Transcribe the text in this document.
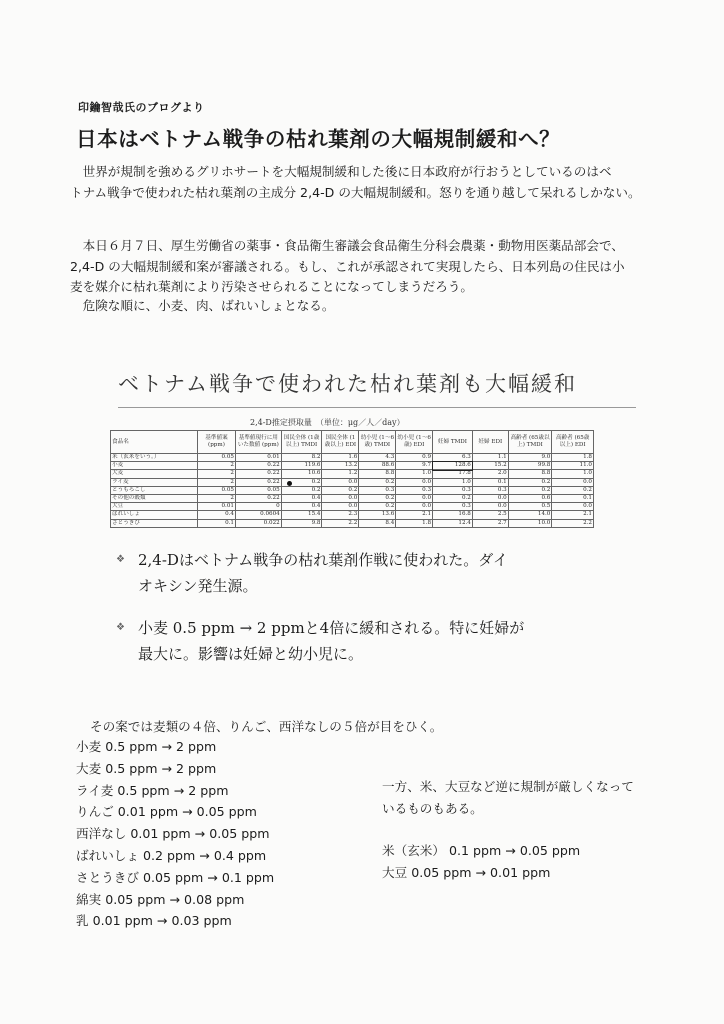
印鑰智哉氏のブログより
日本はベトナム戦争の枯れ葉剤の大幅規制緩和へ？

　世界が規制を強めるグリホサートを大幅規制緩和した後に日本政府が行おうとしているのはベ

トナム戦争で使われた枯れ葉剤の主成分 2,4-D の大幅規制緩和。怒りを通り越して呆れるしかない。

　本日６月７日、厚生労働省の薬事・食品衛生審議会食品衛生分科会農薬・動物用医薬品部会で、

2,4-D の大幅規制緩和案が審議される。もし、これが承認されて実現したら、日本列島の住民は小

麦を媒介に枯れ葉剤により汚染させられることになってしまうだろう。

　危険な順に、小麦、肉、ばれいしょとなる。

ベトナム戦争で使われた枯れ葉剤も大幅緩和
2,4-D推定摂取量　（単位：μg／人／day）
食品名	基準値案 (ppm)	基準値現行に用いた数値 (ppm)	国民全体 (1歳以上) TMDI	国民全体 (1歳以上) EDI	幼小児 (1～6歳) TMDI	幼小児 (1～6歳) EDI	妊婦 TMDI	妊婦 EDI	高齢者 (65歳以上) TMDI	高齢者 (65歳以上) EDI
米（玄米をいう。）	0.05	0.01	8.2	1.6	4.3	0.9	6.3	1.1	9.0	1.8
小麦	2	0.22	119.6	13.2	88.6	9.7	128.6	15.2	99.8	11.0
大麦	2	0.22	10.6	1.2	8.8	1.0	17.8	2.0	8.8	1.0
ライ麦	2	0.22	0.2	0.0	0.2	0.0	1.0	0.1	0.2	0.0
とうもろこし	0.05	0.05	0.2	0.2	0.3	0.3	0.3	0.3	0.2	0.2
その他の穀類	2	0.22	0.4	0.0	0.2	0.0	0.2	0.0	0.6	0.1
大豆	0.01	0	0.4	0.0	0.2	0.0	0.3	0.0	0.5	0.0
ばれいしょ	0.4	0.0604	15.4	2.3	13.6	2.1	16.8	2.5	14.0	2.1
さとうきび	0.1	0.022	9.8	2.2	8.4	1.8	12.4	2.7	10.0	2.2
❖ 2,4-Dはベトナム戦争の枯れ葉剤作戦に使われた。ダイ
オキシン発生源。
❖ 小麦 0.5 ppm → 2 ppmと4倍に緩和される。特に妊婦が
最大に。影響は妊婦と幼小児に。

その案では麦類の４倍、りんご、西洋なしの５倍が目をひく。

小麦 0.5 ppm → 2 ppm

大麦 0.5 ppm → 2 ppm

ライ麦 0.5 ppm → 2 ppm

りんご 0.01 ppm → 0.05 ppm

西洋なし 0.01 ppm → 0.05 ppm

ばれいしょ 0.2 ppm → 0.4 ppm

さとうきび 0.05 ppm → 0.1 ppm

綿実 0.05 ppm → 0.08 ppm

乳 0.01 ppm → 0.03 ppm

一方、米、大豆など逆に規制が厳しくなって

いるものもある。

米（玄米） 0.1 ppm → 0.05 ppm

大豆 0.05 ppm → 0.01 ppm
